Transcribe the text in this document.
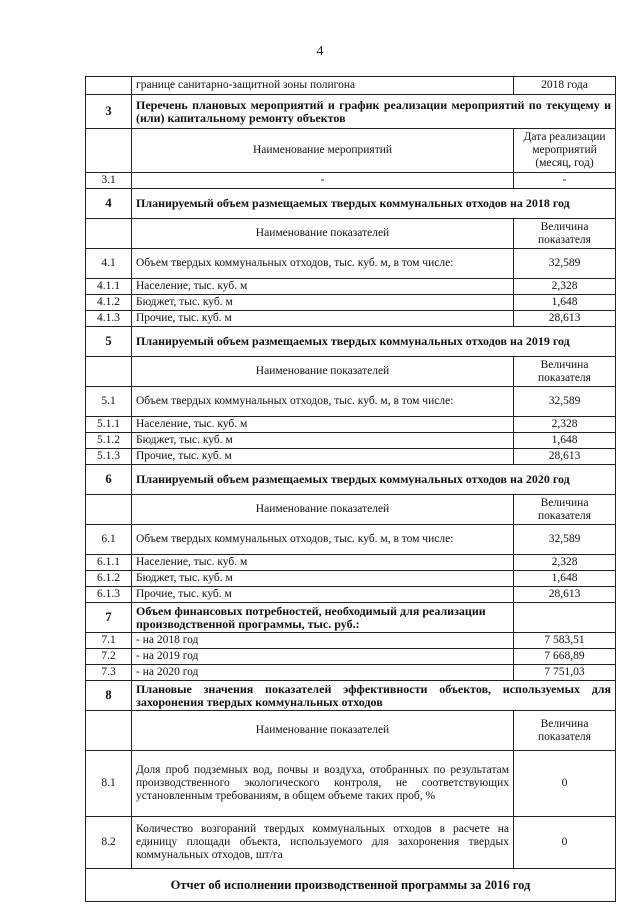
4
	границе санитарно-защитной зоны полигона	2018 года
3	Перечень плановых мероприятий и график реализации мероприятий по текущему и (или) капитальному ремонту объектов	
	Наименование мероприятий	Дата реализации мероприятий (месяц, год)
3.1	-	-
4	Планируемый объем размещаемых твердых коммунальных отходов на 2018 год	
	Наименование показателей	Величина показателя
4.1	Объем твердых коммунальных отходов, тыс. куб. м, в том числе:	32,589
4.1.1	Население, тыс. куб. м	2,328
4.1.2	Бюджет, тыс. куб. м	1,648
4.1.3	Прочие, тыс. куб. м	28,613
5	Планируемый объем размещаемых твердых коммунальных отходов на 2019 год	
	Наименование показателей	Величина показателя
5.1	Объем твердых коммунальных отходов, тыс. куб. м, в том числе:	32,589
5.1.1	Население, тыс. куб. м	2,328
5.1.2	Бюджет, тыс. куб. м	1,648
5.1.3	Прочие, тыс. куб. м	28,613
6	Планируемый объем размещаемых твердых коммунальных отходов на 2020 год	
	Наименование показателей	Величина показателя
6.1	Объем твердых коммунальных отходов, тыс. куб. м, в том числе:	32,589
6.1.1	Население, тыс. куб. м	2,328
6.1.2	Бюджет, тыс. куб. м	1,648
6.1.3	Прочие, тыс. куб. м	28,613
7	Объем финансовых потребностей, необходимый для реализации производственной программы, тыс. руб.:	
7.1	- на 2018 год	7 583,51
7.2	- на 2019 год	7 668,89
7.3	- на 2020 год	7 751,03
8	Плановые значения показателей эффективности объектов, используемых для захоронения твердых коммунальных отходов	
	Наименование показателей	Величина показателя
8.1	Доля проб подземных вод, почвы и воздуха, отобранных по результатам производственного экологического контроля, не соответствующих установленным требованиям, в общем объеме таких проб, %	0
8.2	Количество возгораний твердых коммунальных отходов в расчете на единицу площади объекта, используемого для захоронения твердых коммунальных отходов, шт/га	0
Отчет об исполнении производственной программы за 2016 год		
